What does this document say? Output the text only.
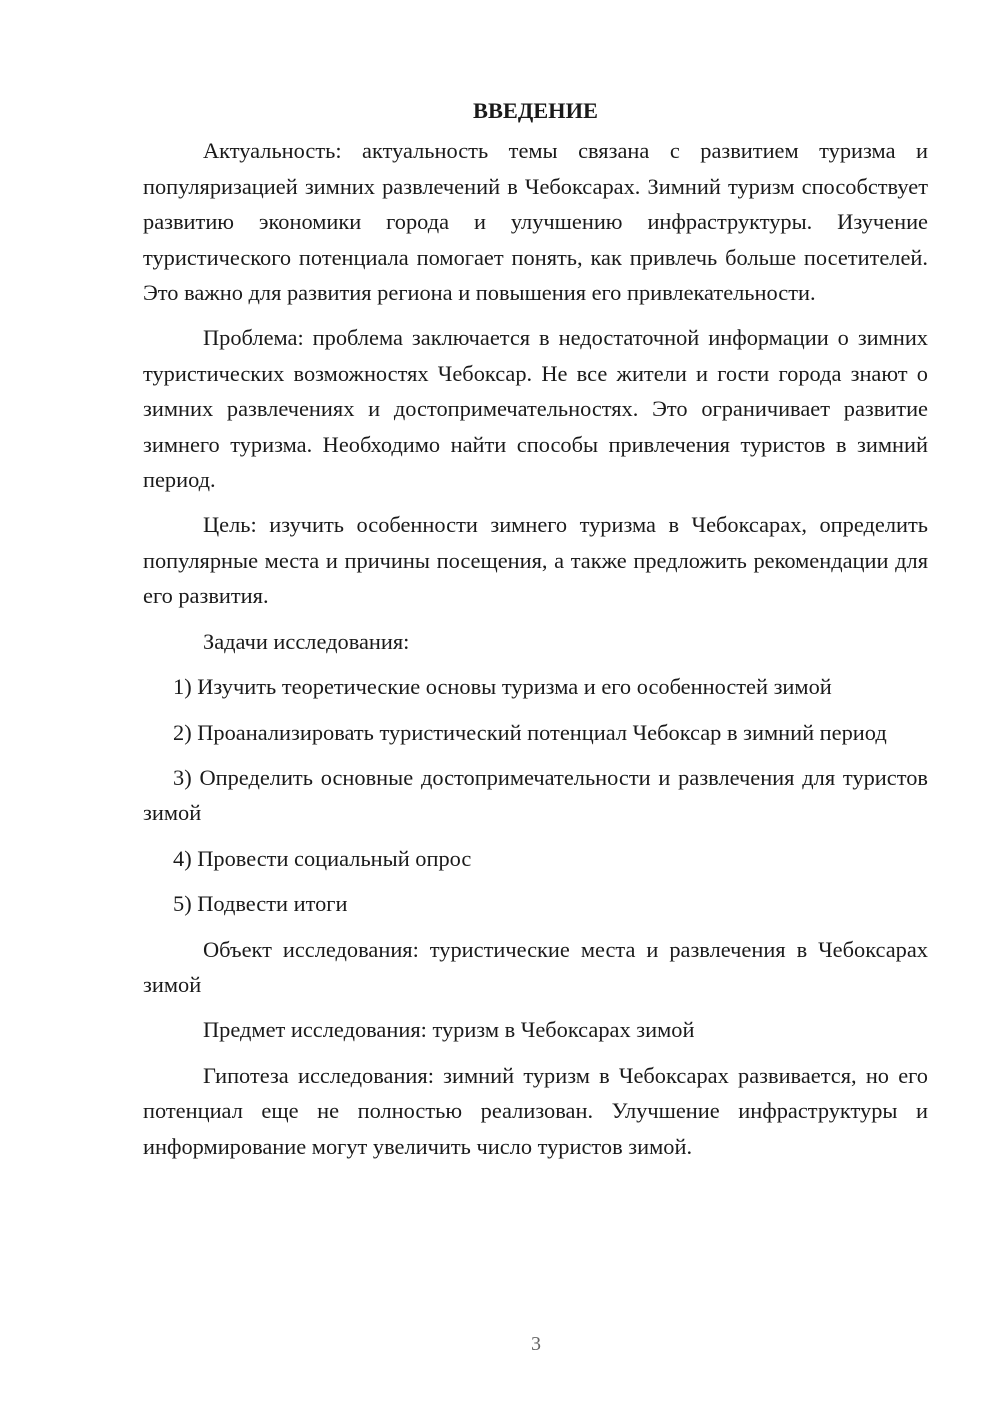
ВВЕДЕНИЕ

Актуальность: актуальность темы связана с развитием туризма и популяризацией зимних развлечений в Чебоксарах. Зимний туризм способствует развитию экономики города и улучшению инфраструктуры. Изучение туристического потенциала помогает понять, как привлечь больше посетителей. Это важно для развития региона и повышения его привлекательности.

Проблема: проблема заключается в недостаточной информации о зимних туристических возможностях Чебоксар. Не все жители и гости города знают о зимних развлечениях и достопримечательностях. Это ограничивает развитие зимнего туризма. Необходимо найти способы привлечения туристов в зимний период.

Цель: изучить особенности зимнего туризма в Чебоксарах, определить популярные места и причины посещения, а также предложить рекомендации для его развития.

Задачи исследования:

1) Изучить теоретические основы туризма и его особенностей зимой

2) Проанализировать туристический потенциал Чебоксар в зимний период

3) Определить основные достопримечательности и развлечения для туристов зимой

4) Провести социальный опрос

5) Подвести итоги

Объект исследования: туристические места и развлечения в Чебоксарах зимой

Предмет исследования: туризм в Чебоксарах зимой

Гипотеза исследования: зимний туризм в Чебоксарах развивается, но его потенциал еще не полностью реализован. Улучшение инфраструктуры и информирование могут увеличить число туристов зимой.

3
